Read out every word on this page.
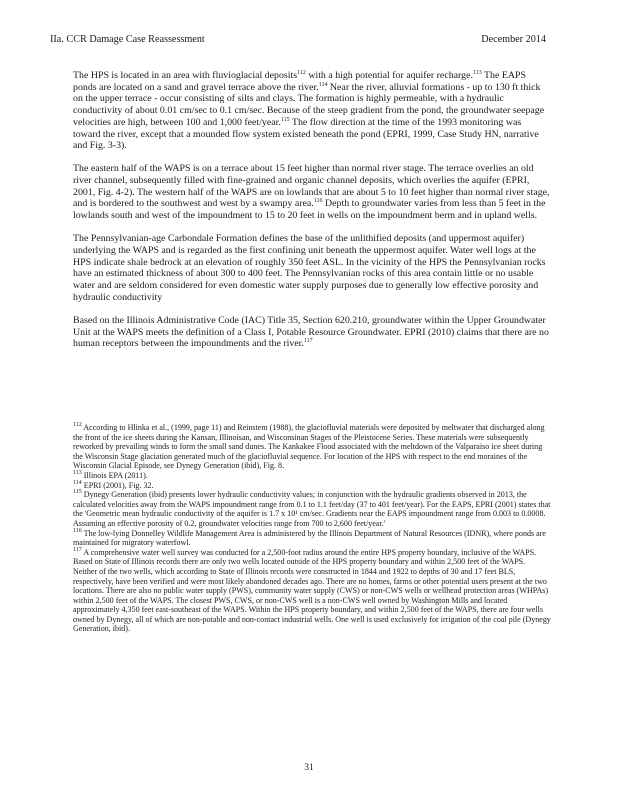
IIa. CCR Damage Case Reassessment	December 2014

The HPS is located in an area with fluvioglacial deposits$^{112}$ with a high potential for aquifer recharge.$^{113}$ The EAPS ponds are located on a sand and gravel terrace above the river.$^{114}$ Near the river, alluvial formations - up to 130 ft thick on the upper terrace - occur consisting of silts and clays. The formation is highly permeable, with a hydraulic conductivity of about 0.01 cm/sec to 0.1 cm/sec. Because of the steep gradient from the pond, the groundwater seepage velocities are high, between 100 and 1,000 feet/year.$^{115}$ The flow direction at the time of the 1993 monitoring was toward the river, except that a mounded flow system existed beneath the pond (EPRI, 1999, Case Study HN, narrative and Fig. 3-3).

The eastern half of the WAPS is on a terrace about 15 feet higher than normal river stage. The terrace overlies an old river channel, subsequently filled with fine-grained and organic channel deposits, which overlies the aquifer (EPRI, 2001, Fig. 4-2). The western half of the WAPS are on lowlands that are about 5 to 10 feet higher than normal river stage, and is bordered to the southwest and west by a swampy area.$^{116}$ Depth to groundwater varies from less than 5 feet in the lowlands south and west of the impoundment to 15 to 20 feet in wells on the impoundment berm and in upland wells.

The Pennsylvanian-age Carbondale Formation defines the base of the unlithified deposits (and uppermost aquifer) underlying the WAPS and is regarded as the first confining unit beneath the uppermost aquifer. Water well logs at the HPS indicate shale bedrock at an elevation of roughly 350 feet ASL. In the vicinity of the HPS the Pennsylvanian rocks have an estimated thickness of about 300 to 400 feet. The Pennsylvanian rocks of this area contain little or no usable water and are seldom considered for even domestic water supply purposes due to generally low effective porosity and hydraulic conductivity

Based on the Illinois Administrative Code (IAC) Title 35, Section 620.210, groundwater within the Upper Groundwater Unit at the WAPS meets the definition of a Class I, Potable Resource Groundwater. EPRI (2010) claims that there are no human receptors between the impoundments and the river.$^{117}$

$^{112}$ According to Hlinka et al., (1999, page 11) and Reinstem (1988), the glaciofluvial materials were deposited by meltwater that discharged along the front of the ice sheets during the Kansan, Illinoisan, and Wisconsinan Stages of the Pleistocene Series. These materials were subsequently reworked by prevailing winds to form the small sand dunes. The Kankakee Flood associated with the meltdown of the Valparaiso ice sheet during the Wisconsin Stage glaciation generated much of the glaciofluvial sequence. For location of the HPS with respect to the end moraines of the Wisconsin Glacial Episode, see Dynegy Generation (ibid), Fig. 8.

$^{113}$ Illinois EPA (2011).

$^{114}$ EPRI (2001), Fig. 32.

$^{115}$ Dynegy Generation (ibid) presents lower hydraulic conductivity values; in conjunction with the hydraulic gradients observed in 2013, the calculated velocities away from the WAPS impoundment range from 0.1 to 1.1 feet/day (37 to 401 feet/year). For the EAPS, EPRI (2001) states that the 'Geometric mean hydraulic conductivity of the aquifer is 1.7 x 10¹ cm/sec. Gradients near the EAPS impoundment range from 0.003 to 0.0008. Assuming an effective porosity of 0.2, groundwater velocities range from 700 to 2,600 feet/year.'

$^{116}$ The low-lying Donnelley Wildlife Management Area is administered by the Illinois Department of Natural Resources (IDNR), where ponds are maintained for migratory waterfowl.

$^{117}$ A comprehensive water well survey was conducted for a 2,500-foot radius around the entire HPS property boundary, inclusive of the WAPS. Based on State of Illinois records there are only two wells located outside of the HPS property boundary and within 2,500 feet of the WAPS. Neither of the two wells, which according to State of Illinois records were constructed in 1844 and 1922 to depths of 30 and 17 feet BLS, respectively, have been verified and were most likely abandoned decades ago. There are no homes, farms or other potential users present at the two locations. There are also no public water supply (PWS), community water supply (CWS) or non-CWS wells or wellhead protection areas (WHPAs) within 2,500 feet of the WAPS. The closest PWS, CWS, or non-CWS well is a non-CWS well owned by Washington Mills and located approximately 4,350 feet east-southeast of the WAPS. Within the HPS property boundary, and within 2,500 feet of the WAPS, there are four wells owned by Dynegy, all of which are non-potable and non-contact industrial wells. One well is used exclusively for irrigation of the coal pile (Dynegy Generation, ibid).

31
